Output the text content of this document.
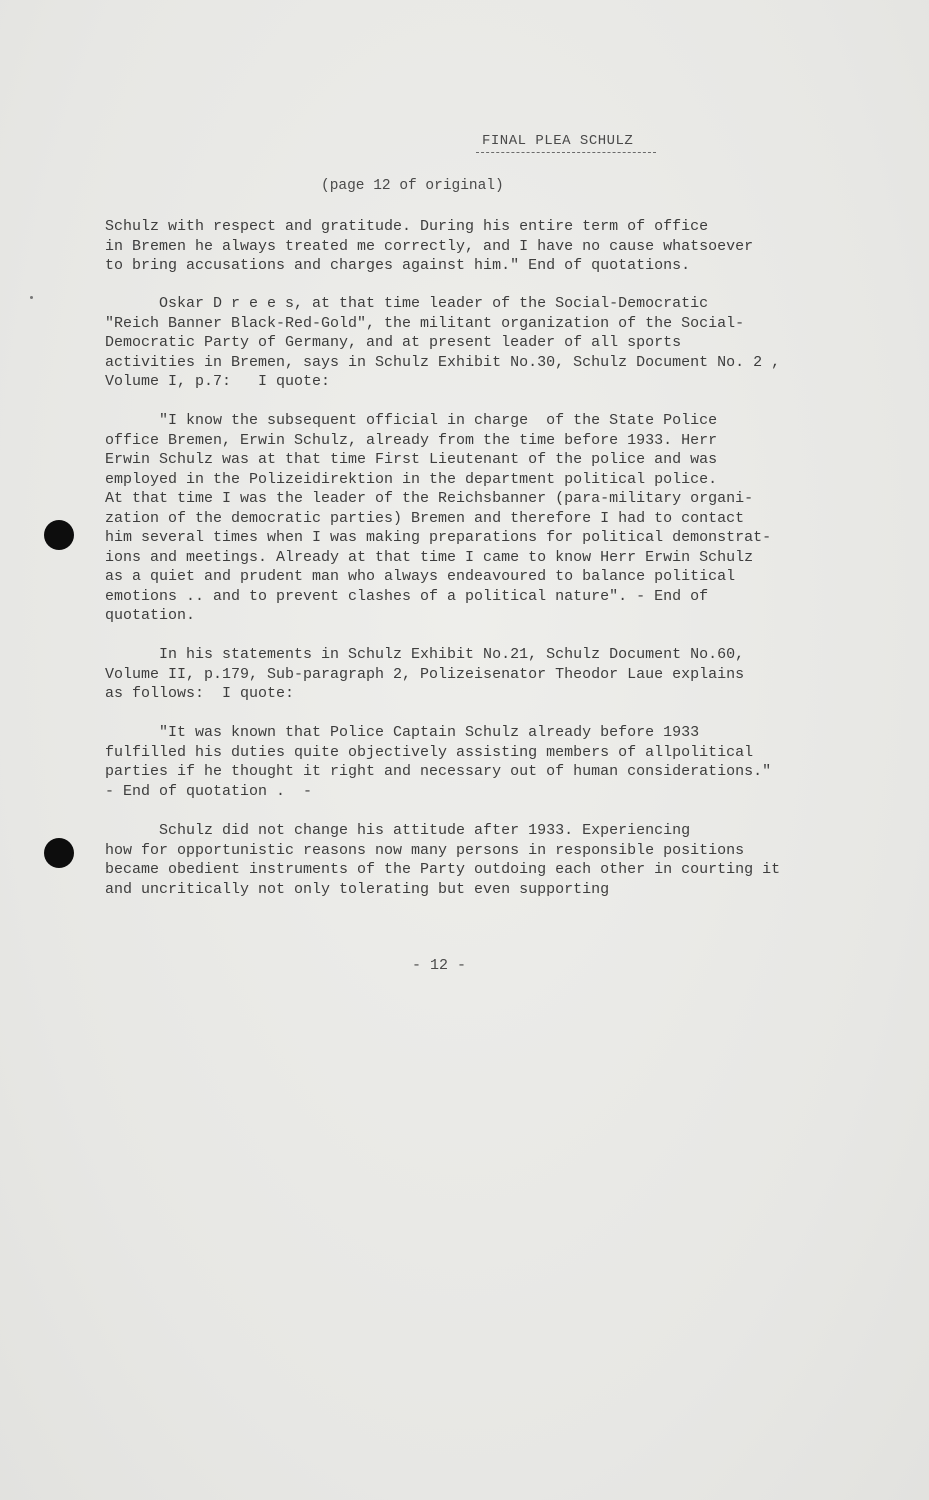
FINAL PLEA SCHULZ
(page 12 of original)
Schulz with respect and gratitude. During his entire term of office
in Bremen he always treated me correctly, and I have no cause whatsoever
to bring accusations and charges against him." End of quotations.
Oskar D r e e s, at that time leader of the Social-Democratic
"Reich Banner Black-Red-Gold", the militant organization of the Social-
Democratic Party of Germany, and at present leader of all sports
activities in Bremen, says in Schulz Exhibit No.30, Schulz Document No. 2 ,
Volume I, p.7:   I quote:
"I know the subsequent official in charge  of the State Police
office Bremen, Erwin Schulz, already from the time before 1933. Herr
Erwin Schulz was at that time First Lieutenant of the police and was
employed in the Polizeidirektion in the department political police.
At that time I was the leader of the Reichsbanner (para-military organi-
zation of the democratic parties) Bremen and therefore I had to contact
him several times when I was making preparations for political demonstrat-
ions and meetings. Already at that time I came to know Herr Erwin Schulz
as a quiet and prudent man who always endeavoured to balance political
emotions .. and to prevent clashes of a political nature". - End of
quotation.
In his statements in Schulz Exhibit No.21, Schulz Document No.60,
Volume II, p.179, Sub-paragraph 2, Polizeisenator Theodor Laue explains
as follows:  I quote:
"It was known that Police Captain Schulz already before 1933
fulfilled his duties quite objectively assisting members of allpolitical
parties if he thought it right and necessary out of human considerations."
- End of quotation .  -
Schulz did not change his attitude after 1933. Experiencing
how for opportunistic reasons now many persons in responsible positions
became obedient instruments of the Party outdoing each other in courting it
and uncritically not only tolerating but even supporting
- 12 -
